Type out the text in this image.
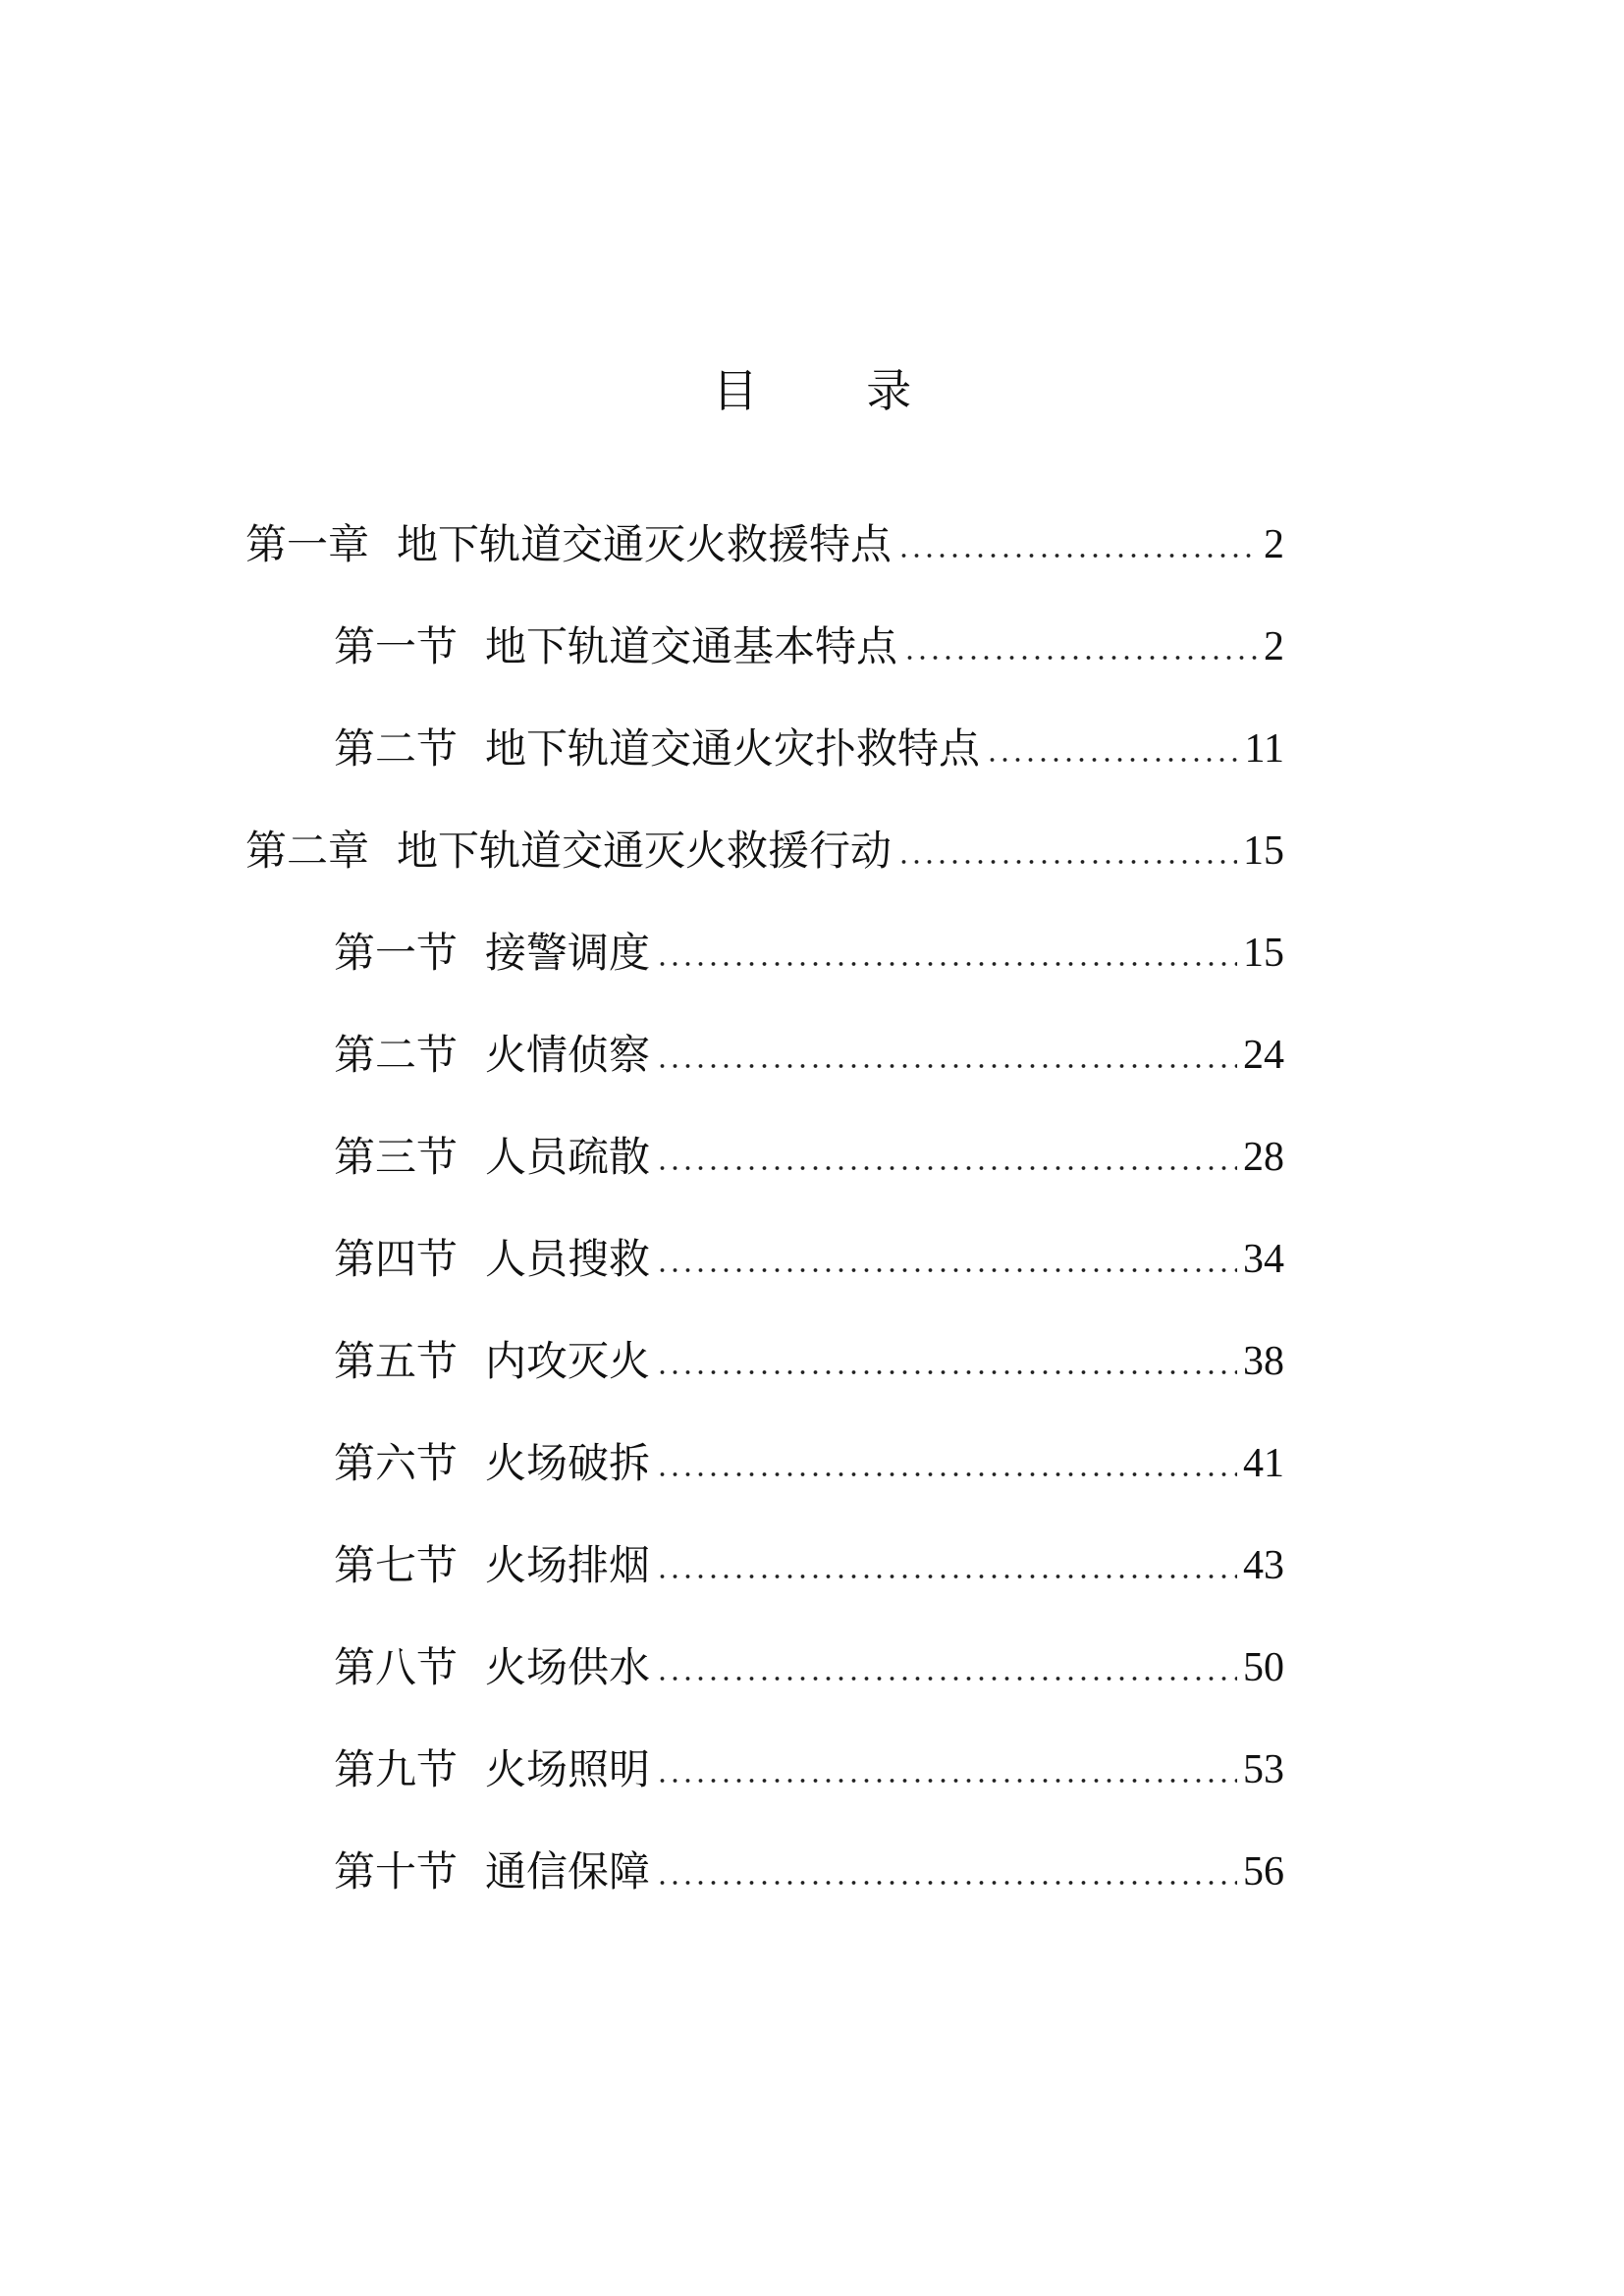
目 录
第一章 地下轨道交通灭火救援特点	2
第一节 地下轨道交通基本特点	2
第二节 地下轨道交通火灾扑救特点	11
第二章 地下轨道交通灭火救援行动	15
第一节 接警调度	15
第二节 火情侦察	24
第三节 人员疏散	28
第四节 人员搜救	34
第五节 内攻灭火	38
第六节 火场破拆	41
第七节 火场排烟	43
第八节 火场供水	50
第九节 火场照明	53
第十节 通信保障	56
